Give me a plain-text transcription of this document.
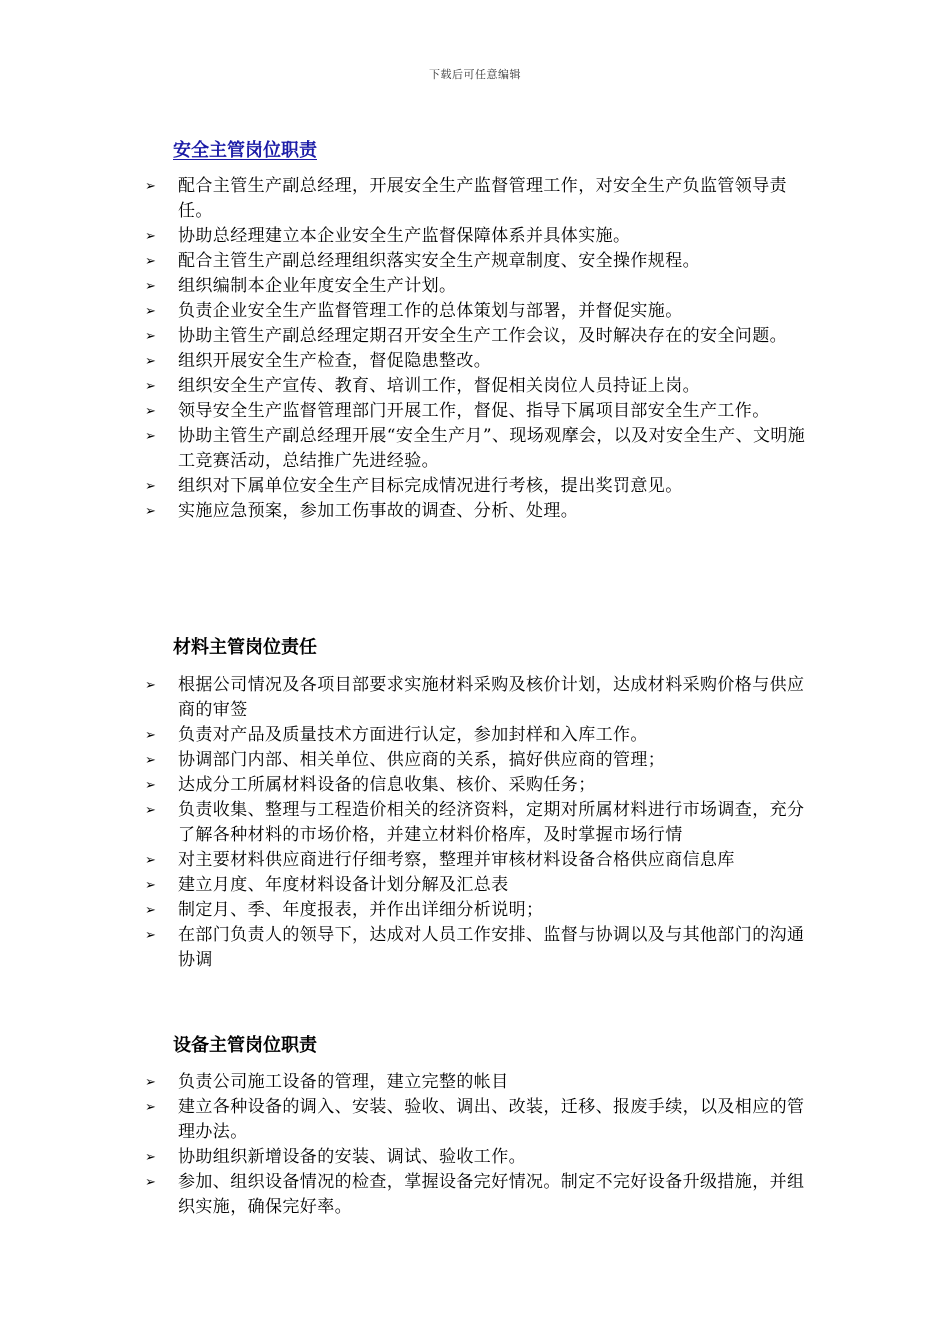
下载后可任意编辑
安全主管岗位职责
➢ 配合主管生产副总经理，开展安全生产监督管理工作，对安全生产负监管领导责任。
➢ 协助总经理建立本企业安全生产监督保障体系并具体实施。
➢ 配合主管生产副总经理组织落实安全生产规章制度、安全操作规程。
➢ 组织编制本企业年度安全生产计划。
➢ 负责企业安全生产监督管理工作的总体策划与部署，并督促实施。
➢ 协助主管生产副总经理定期召开安全生产工作会议，及时解决存在的安全问题。
➢ 组织开展安全生产检查，督促隐患整改。
➢ 组织安全生产宣传、教育、培训工作，督促相关岗位人员持证上岗。
➢ 领导安全生产监督管理部门开展工作，督促、指导下属项目部安全生产工作。
➢ 协助主管生产副总经理开展“安全生产月”、现场观摩会，以及对安全生产、文明施工竞赛活动，总结推广先进经验。
➢ 组织对下属单位安全生产目标完成情况进行考核，提出奖罚意见。
➢ 实施应急预案，参加工伤事故的调查、分析、处理。
材料主管岗位责任
➢ 根据公司情况及各项目部要求实施材料采购及核价计划，达成材料采购价格与供应商的审签
➢ 负责对产品及质量技术方面进行认定，参加封样和入库工作。
➢ 协调部门内部、相关单位、供应商的关系，搞好供应商的管理；
➢ 达成分工所属材料设备的信息收集、核价、采购任务；
➢ 负责收集、整理与工程造价相关的经济资料，定期对所属材料进行市场调查，充分了解各种材料的市场价格，并建立材料价格库，及时掌握市场行情
➢ 对主要材料供应商进行仔细考察，整理并审核材料设备合格供应商信息库
➢ 建立月度、年度材料设备计划分解及汇总表
➢ 制定月、季、年度报表，并作出详细分析说明；
➢ 在部门负责人的领导下，达成对人员工作安排、监督与协调以及与其他部门的沟通协调
设备主管岗位职责
➢ 负责公司施工设备的管理，建立完整的帐目
➢ 建立各种设备的调入、安装、验收、调出、改装，迁移、报废手续，以及相应的管理办法。
➢ 协助组织新增设备的安装、调试、验收工作。
➢ 参加、组织设备情况的检查，掌握设备完好情况。制定不完好设备升级措施，并组织实施，确保完好率。
